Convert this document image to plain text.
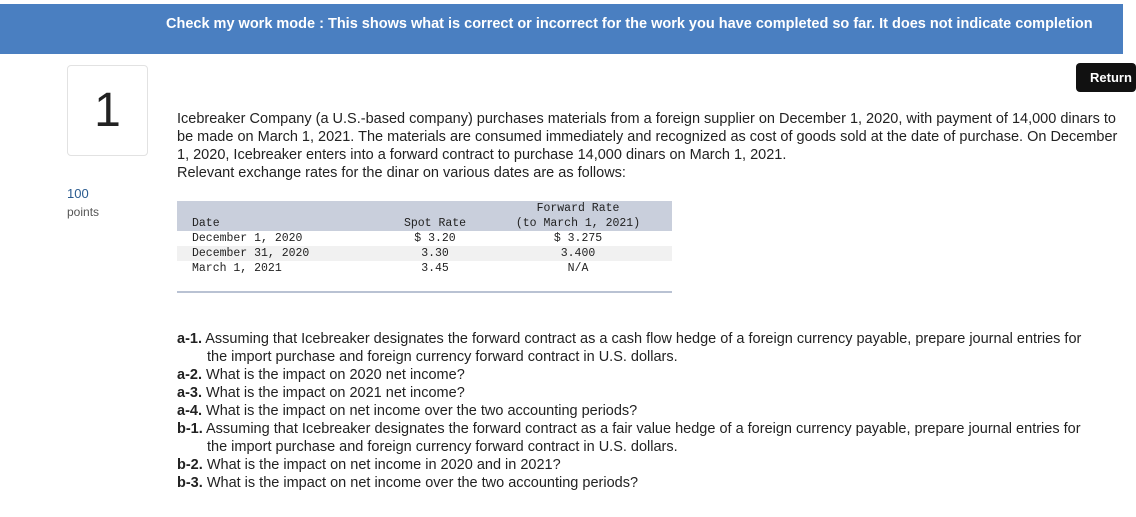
Check my work mode : This shows what is correct or incorrect for the work you have completed so far. It does not indicate completion
1
100
points
Return

Icebreaker Company (a U.S.-based company) purchases materials from a foreign supplier on December 1, 2020, with payment of 14,000 dinars to be made on March 1, 2021. The materials are consumed immediately and recognized as cost of goods sold at the date of purchase. On December 1, 2020, Icebreaker enters into a forward contract to purchase 14,000 dinars on March 1, 2021.

Relevant exchange rates for the dinar on various dates are as follows:

Forward Rate
Date	Spot Rate	(to March 1, 2021)
December 1, 2020	$ 3.20	$ 3.275
December 31, 2020	3.30	3.400
March 1, 2021	3.45	N/A
a-1. Assuming that Icebreaker designates the forward contract as a cash flow hedge of a foreign currency payable, prepare journal entries for the import purchase and foreign currency forward contract in U.S. dollars.
a-2. What is the impact on 2020 net income?
a-3. What is the impact on 2021 net income?
a-4. What is the impact on net income over the two accounting periods?
b-1. Assuming that Icebreaker designates the forward contract as a fair value hedge of a foreign currency payable, prepare journal entries for the import purchase and foreign currency forward contract in U.S. dollars.
b-2. What is the impact on net income in 2020 and in 2021?
b-3. What is the impact on net income over the two accounting periods?
